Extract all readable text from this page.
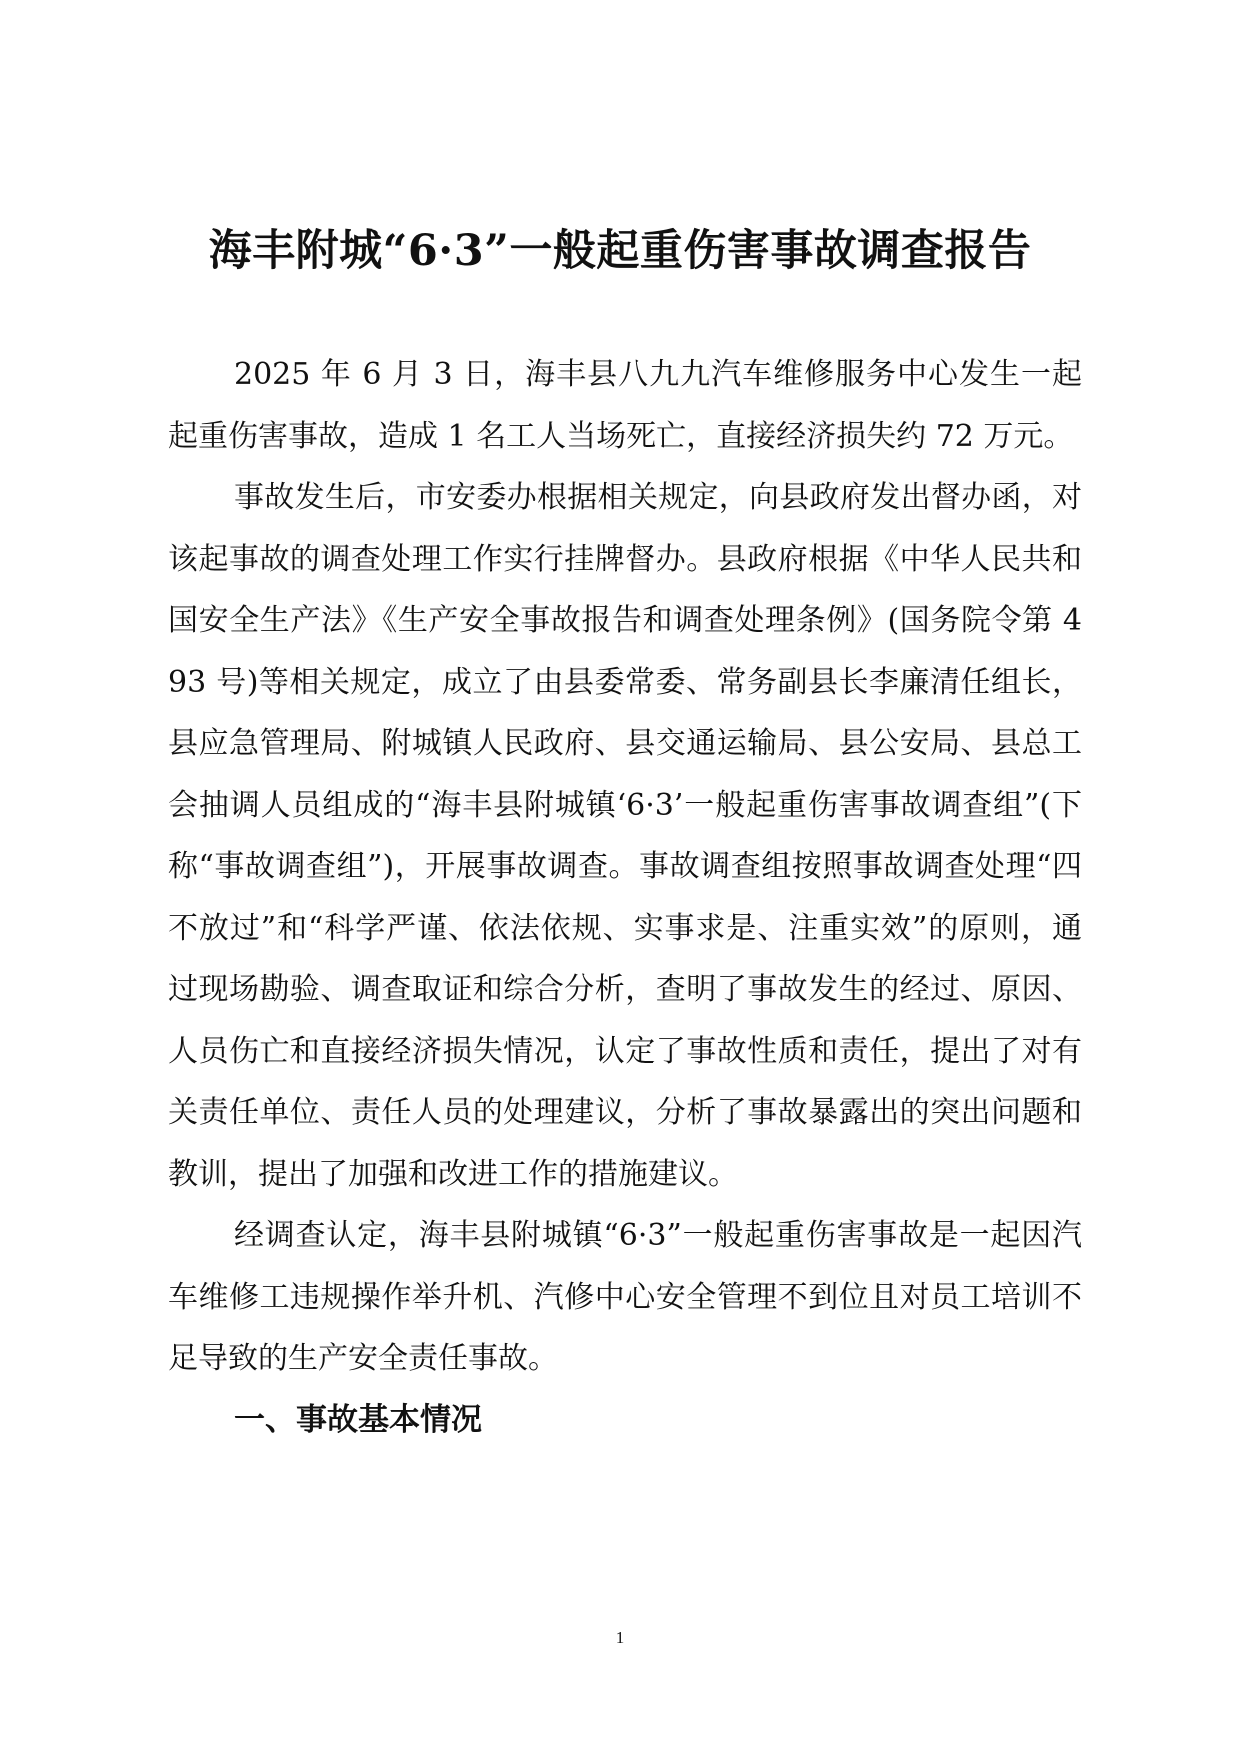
海丰附城“6·3”一般起重伤害事故调查报告

2025 年 6 月 3 日，海丰县八九九汽车维修服务中心发生一起起重伤害事故，造成 1 名工人当场死亡，直接经济损失约 72 万元。

事故发生后，市安委办根据相关规定，向县政府发出督办函，对该起事故的调查处理工作实行挂牌督办。县政府根据《中华人民共和国安全生产法》《生产安全事故报告和调查处理条例》(国务院令第 493 号)等相关规定，成立了由县委常委、常务副县长李廉清任组长，县应急管理局、附城镇人民政府、县交通运输局、县公安局、县总工会抽调人员组成的“海丰县附城镇‘6·3’一般起重伤害事故调查组”(下称“事故调查组”)，开展事故调查。事故调查组按照事故调查处理“四不放过”和“科学严谨、依法依规、实事求是、注重实效”的原则，通过现场勘验、调查取证和综合分析，查明了事故发生的经过、原因、人员伤亡和直接经济损失情况，认定了事故性质和责任，提出了对有关责任单位、责任人员的处理建议，分析了事故暴露出的突出问题和教训，提出了加强和改进工作的措施建议。

经调查认定，海丰县附城镇“6·3”一般起重伤害事故是一起因汽车维修工违规操作举升机、汽修中心安全管理不到位且对员工培训不足导致的生产安全责任事故。

一、事故基本情况

1
